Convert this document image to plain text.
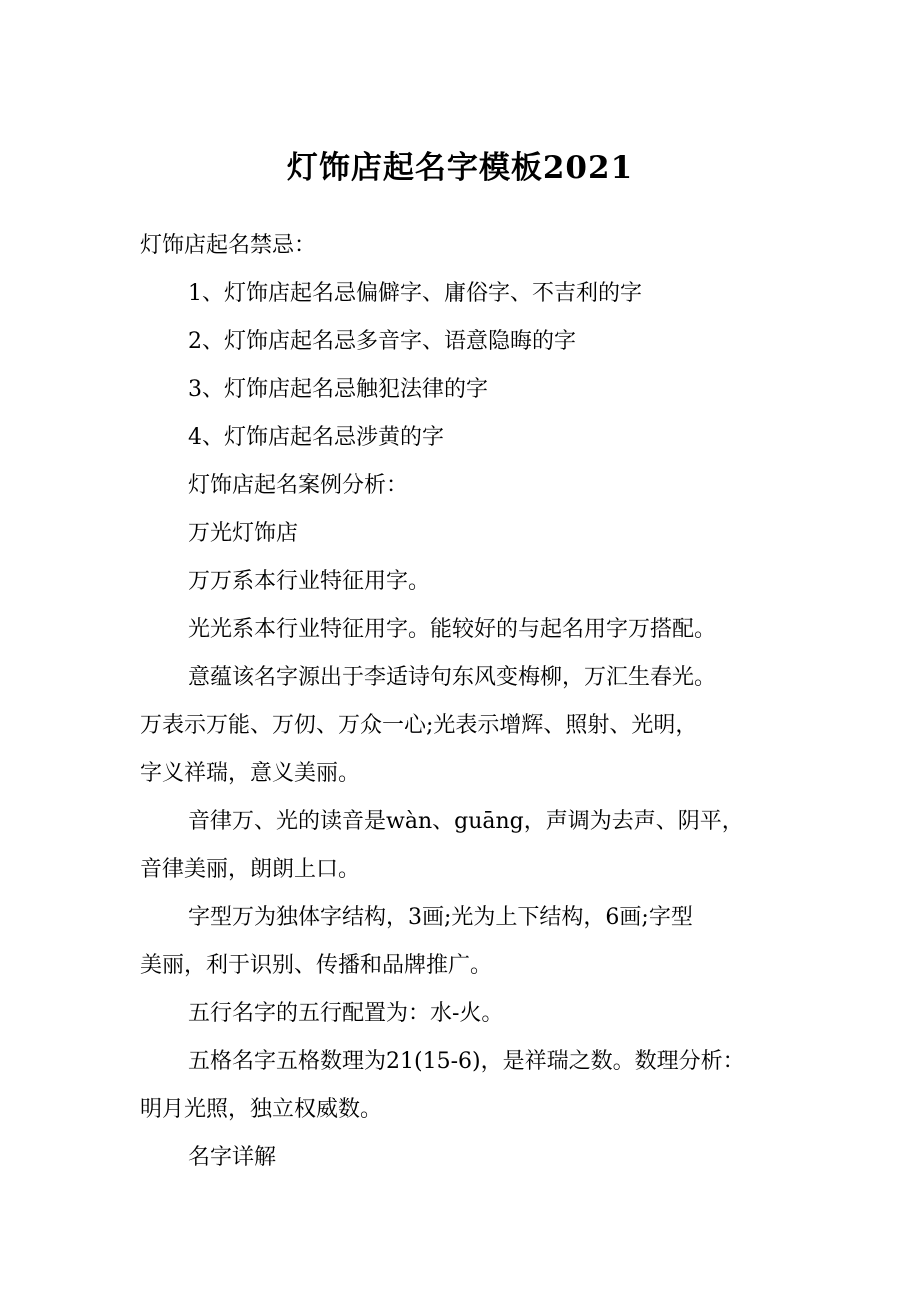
灯饰店起名字模板2021
灯饰店起名禁忌：
1、灯饰店起名忌偏僻字、庸俗字、不吉利的字
2、灯饰店起名忌多音字、语意隐晦的字
3、灯饰店起名忌触犯法律的字
4、灯饰店起名忌涉黄的字
灯饰店起名案例分析：
万光灯饰店
万万系本行业特征用字。
光光系本行业特征用字。能较好的与起名用字万搭配。
意蕴该名字源出于李适诗句东风变梅柳，万汇生春光。
万表示万能、万仞、万众一心;光表示增辉、照射、光明，
字义祥瑞，意义美丽。
音律万、光的读音是wàn、guāng，声调为去声、阴平，
音律美丽，朗朗上口。
字型万为独体字结构，3画;光为上下结构，6画;字型
美丽，利于识别、传播和品牌推广。
五行名字的五行配置为：水-火。
五格名字五格数理为21(15-6)，是祥瑞之数。数理分析：
明月光照，独立权威数。
名字详解
